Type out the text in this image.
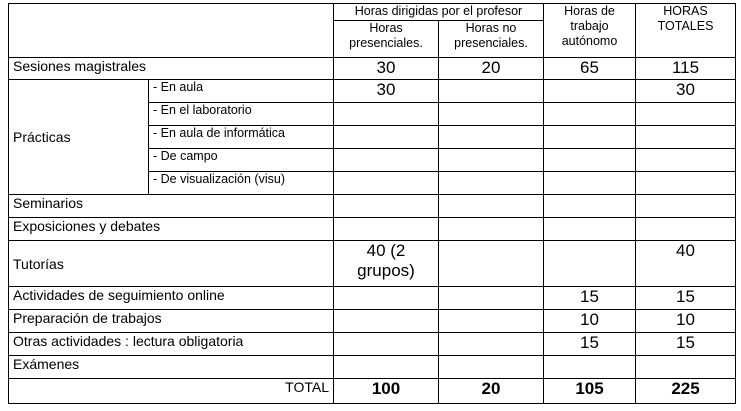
		Horas dirigidas por el profesor		Horas de trabajo autónomo	HORAS TOTALES
		Horas presenciales.	Horas no presenciales.		
Sesiones magistrales		30	20	65	115
Prácticas	- En aula	30			30
	- En el laboratorio				
	- En aula de informática				
	- De campo				
	- De visualización (visu)				
Seminarios					
Exposiciones y debates					
Tutorías		40 (2 grupos)			40
Actividades de seguimiento online				15	15
Preparación de trabajos				10	10
Otras actividades : lectura obligatoria				15	15
Exámenes					
TOTAL		100	20	105	225
